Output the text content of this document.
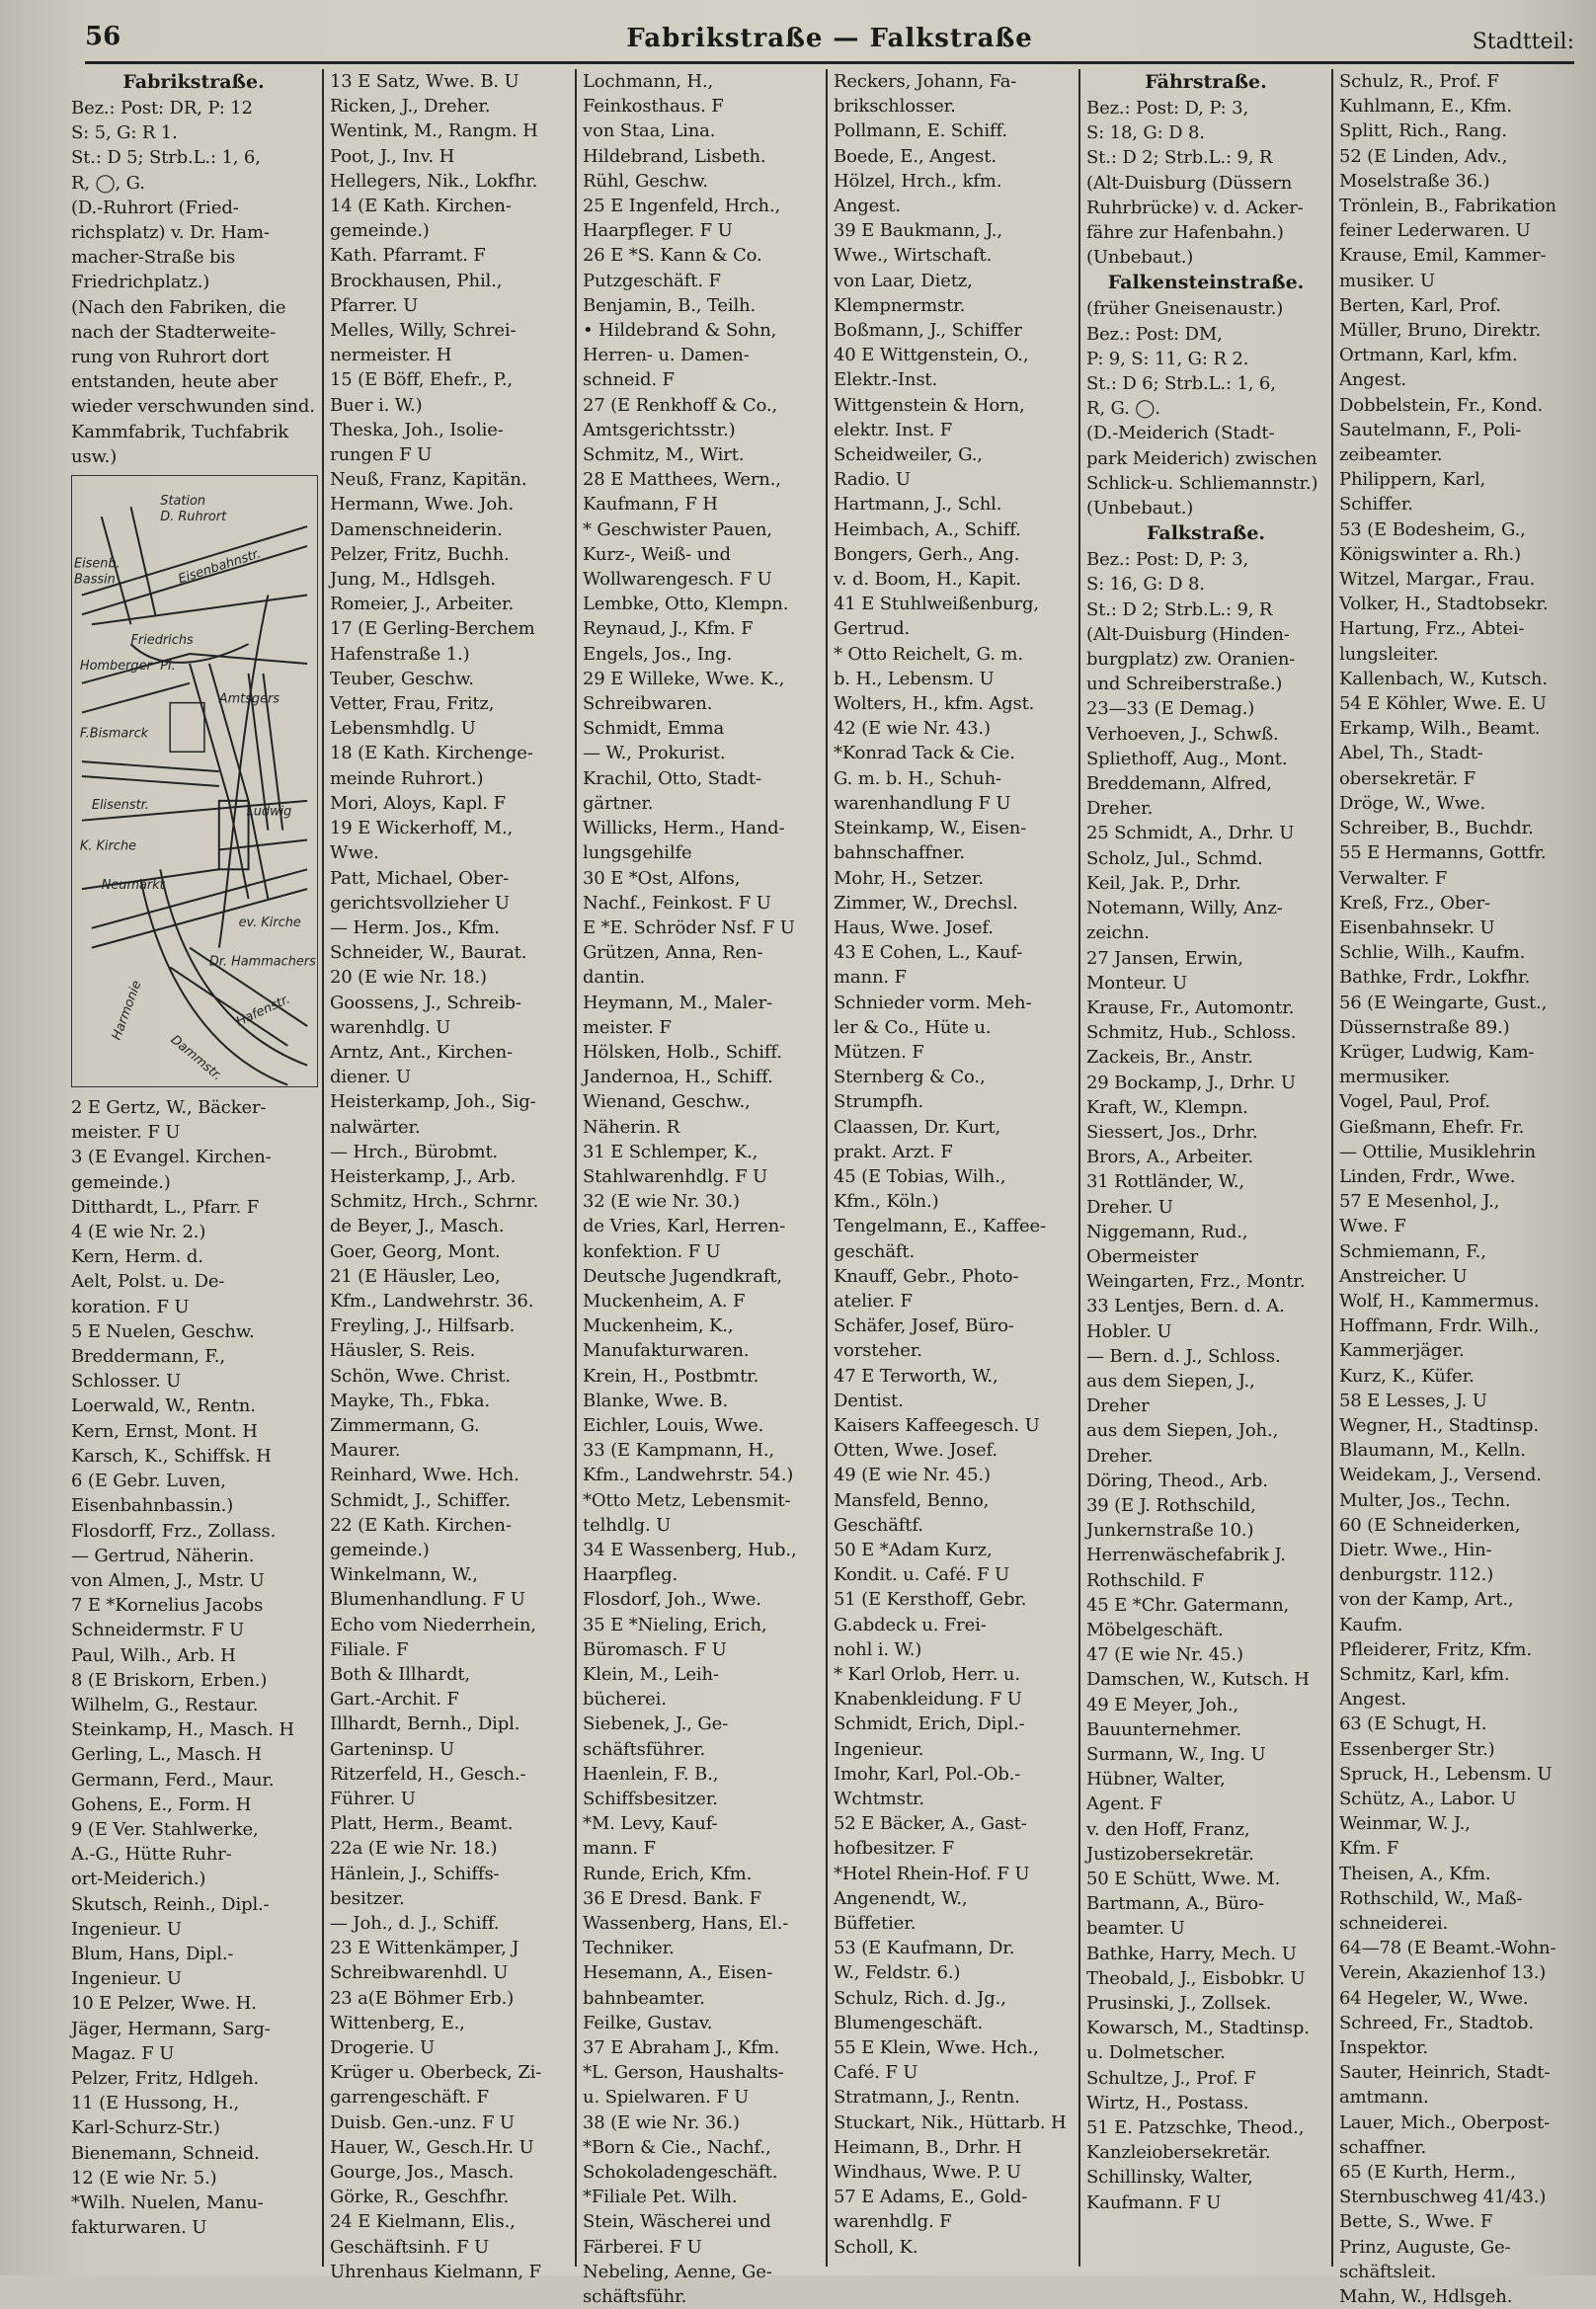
56	Fabrikstraße — Falkstraße	Stadtteil:
Fabrikstraße.
Bez.: Post: DR, P: 12
S: 5, G: R 1.
St.: D 5; Strb.L.: 1, 6,
R, ◯, G.
(D.-Ruhrort (Fried-
richsplatz) v. Dr. Ham-
macher-Straße bis
Friedrichplatz.)
(Nach den Fabriken, die
nach der Stadterweite-
rung von Ruhrort dort
entstanden, heute aber
wieder verschwunden sind.
Kammfabrik, Tuchfabrik
usw.)
Station
D. Ruhrort
Eisenb.
Bassin	Eisenbahnstr.
Friedrichs
Homberger Pl.
Amtsgers
F.Bismarck
Elisenstr.	Ludwig
K. Kirche
Neumarkt
ev. Kirche
Harmonie
Dr. Hammachers
Dammstr.
Hafenstr.
2 E Gertz, W., Bäcker-
meister. F U
3 (E Evangel. Kirchen-
gemeinde.)
Ditthardt, L., Pfarr. F
4 (E wie Nr. 2.)
Kern, Herm. d.
Aelt, Polst. u. De-
koration. F U
5 E Nuelen, Geschw.
Breddermann, F.,
Schlosser. U
Loerwald, W., Rentn.
Kern, Ernst, Mont. H
Karsch, K., Schiffsk. H
6 (E Gebr. Luven,
Eisenbahnbassin.)
Flosdorff, Frz., Zollass.
— Gertrud, Näherin.
von Almen, J., Mstr. U
7 E *Kornelius Jacobs
Schneidermstr. F U
Paul, Wilh., Arb. H
8 (E Briskorn, Erben.)
Wilhelm, G., Restaur.
Steinkamp, H., Masch. H
Gerling, L., Masch. H
Germann, Ferd., Maur.
Gohens, E., Form. H
9 (E Ver. Stahlwerke,
A.-G., Hütte Ruhr-
ort-Meiderich.)
Skutsch, Reinh., Dipl.-
Ingenieur. U
Blum, Hans, Dipl.-
Ingenieur. U
10 E Pelzer, Wwe. H.
Jäger, Hermann, Sarg-
Magaz. F U
Pelzer, Fritz, Hdlgeh.
11 (E Hussong, H.,
Karl-Schurz-Str.)
Bienemann, Schneid.
12 (E wie Nr. 5.)
*Wilh. Nuelen, Manu-
fakturwaren. U
13 E Satz, Wwe. B. U
Ricken, J., Dreher.
Wentink, M., Rangm. H
Poot, J., Inv. H
Hellegers, Nik., Lokfhr.
14 (E Kath. Kirchen-
gemeinde.)
Kath. Pfarramt. F
Brockhausen, Phil.,
Pfarrer. U
Melles, Willy, Schrei-
nermeister. H
15 (E Böff, Ehefr., P.,
Buer i. W.)
Theska, Joh., Isolie-
rungen F U
Neuß, Franz, Kapitän.
Hermann, Wwe. Joh.
Damenschneiderin.
Pelzer, Fritz, Buchh.
Jung, M., Hdlsgeh.
Romeier, J., Arbeiter.
17 (E Gerling-Berchem
Hafenstraße 1.)
Teuber, Geschw.
Vetter, Frau, Fritz,
Lebensmhdlg. U
18 (E Kath. Kirchenge-
meinde Ruhrort.)
Mori, Aloys, Kapl. F
19 E Wickerhoff, M.,
Wwe.
Patt, Michael, Ober-
gerichtsvollzieher U
— Herm. Jos., Kfm.
Schneider, W., Baurat.
20 (E wie Nr. 18.)
Goossens, J., Schreib-
warenhdlg. U
Arntz, Ant., Kirchen-
diener. U
Heisterkamp, Joh., Sig-
nalwärter.
— Hrch., Bürobmt.
Heisterkamp, J., Arb.
Schmitz, Hrch., Schrnr.
de Beyer, J., Masch.
Goer, Georg, Mont.
21 (E Häusler, Leo,
Kfm., Landwehrstr. 36.
Freyling, J., Hilfsarb.
Häusler, S. Reis.
Schön, Wwe. Christ.
Mayke, Th., Fbka.
Zimmermann, G.
Maurer.
Reinhard, Wwe. Hch.
Schmidt, J., Schiffer.
22 (E Kath. Kirchen-
gemeinde.)
Winkelmann, W.,
Blumenhandlung. F U
Echo vom Niederrhein,
Filiale. F
Both & Illhardt,
Gart.-Archit. F
Illhardt, Bernh., Dipl.
Garteninsp. U
Ritzerfeld, H., Gesch.-
Führer. U
Platt, Herm., Beamt.
22a (E wie Nr. 18.)
Hänlein, J., Schiffs-
besitzer.
— Joh., d. J., Schiff.
23 E Wittenkämper, J
Schreibwarenhdl. U
23 a(E Böhmer Erb.)
Wittenberg, E.,
Drogerie. U
Krüger u. Oberbeck, Zi-
garrengeschäft. F
Duisb. Gen.-unz. F U
Hauer, W., Gesch.Hr. U
Gourge, Jos., Masch.
Görke, R., Geschfhr.
24 E Kielmann, Elis.,
Geschäftsinh. F U
Uhrenhaus Kielmann, F
Lochmann, H.,
Feinkosthaus. F
von Staa, Lina.
Hildebrand, Lisbeth.
Rühl, Geschw.
25 E Ingenfeld, Hrch.,
Haarpfleger. F U
26 E *S. Kann & Co.
Putzgeschäft. F
Benjamin, B., Teilh.
• Hildebrand & Sohn,
Herren- u. Damen-
schneid. F
27 (E Renkhoff & Co.,
Amtsgerichtsstr.)
Schmitz, M., Wirt.
28 E Matthees, Wern.,
Kaufmann, F H
* Geschwister Pauen,
Kurz-, Weiß- und
Wollwarengesch. F U
Lembke, Otto, Klempn.
Reynaud, J., Kfm. F
Engels, Jos., Ing.
29 E Willeke, Wwe. K.,
Schreibwaren.
Schmidt, Emma
— W., Prokurist.
Krachil, Otto, Stadt-
gärtner.
Willicks, Herm., Hand-
lungsgehilfe
30 E *Ost, Alfons,
Nachf., Feinkost. F U
E *E. Schröder Nsf. F U
Grützen, Anna, Ren-
dantin.
Heymann, M., Maler-
meister. F
Hölsken, Holb., Schiff.
Jandernoa, H., Schiff.
Wienand, Geschw.,
Näherin. R
31 E Schlemper, K.,
Stahlwarenhdlg. F U
32 (E wie Nr. 30.)
de Vries, Karl, Herren-
konfektion. F U
Deutsche Jugendkraft,
Muckenheim, A. F
Muckenheim, K.,
Manufakturwaren.
Krein, H., Postbmtr.
Blanke, Wwe. B.
Eichler, Louis, Wwe.
33 (E Kampmann, H.,
Kfm., Landwehrstr. 54.)
*Otto Metz, Lebensmit-
telhdlg. U
34 E Wassenberg, Hub.,
Haarpfleg.
Flosdorf, Joh., Wwe.
35 E *Nieling, Erich,
Büromasch. F U
Klein, M., Leih-
bücherei.
Siebenek, J., Ge-
schäftsführer.
Haenlein, F. B.,
Schiffsbesitzer.
*M. Levy, Kauf-
mann. F
Runde, Erich, Kfm.
36 E Dresd. Bank. F
Wassenberg, Hans, El.-
Techniker.
Hesemann, A., Eisen-
bahnbeamter.
Feilke, Gustav.
37 E Abraham J., Kfm.
*L. Gerson, Haushalts-
u. Spielwaren. F U
38 (E wie Nr. 36.)
*Born & Cie., Nachf.,
Schokoladengeschäft.
*Filiale Pet. Wilh.
Stein, Wäscherei und
Färberei. F U
Nebeling, Aenne, Ge-
schäftsführ.
Reckers, Johann, Fa-
brikschlosser.
Pollmann, E. Schiff.
Boede, E., Angest.
Hölzel, Hrch., kfm.
Angest.
39 E Baukmann, J.,
Wwe., Wirtschaft.
von Laar, Dietz,
Klempnermstr.
Boßmann, J., Schiffer
40 E Wittgenstein, O.,
Elektr.-Inst.
Wittgenstein & Horn,
elektr. Inst. F
Scheidweiler, G.,
Radio. U
Hartmann, J., Schl.
Heimbach, A., Schiff.
Bongers, Gerh., Ang.
v. d. Boom, H., Kapit.
41 E Stuhlweißenburg,
Gertrud.
* Otto Reichelt, G. m.
b. H., Lebensm. U
Wolters, H., kfm. Agst.
42 (E wie Nr. 43.)
*Konrad Tack & Cie.
G. m. b. H., Schuh-
warenhandlung F U
Steinkamp, W., Eisen-
bahnschaffner.
Mohr, H., Setzer.
Zimmer, W., Drechsl.
Haus, Wwe. Josef.
43 E Cohen, L., Kauf-
mann. F
Schnieder vorm. Meh-
ler & Co., Hüte u.
Mützen. F
Sternberg & Co.,
Strumpfh.
Claassen, Dr. Kurt,
prakt. Arzt. F
45 (E Tobias, Wilh.,
Kfm., Köln.)
Tengelmann, E., Kaffee-
geschäft.
Knauff, Gebr., Photo-
atelier. F
Schäfer, Josef, Büro-
vorsteher.
47 E Terworth, W.,
Dentist.
Kaisers Kaffeegesch. U
Otten, Wwe. Josef.
49 (E wie Nr. 45.)
Mansfeld, Benno,
Geschäftf.
50 E *Adam Kurz,
Kondit. u. Café. F U
51 (E Kersthoff, Gebr.
G.abdeck u. Frei-
nohl i. W.)
* Karl Orlob, Herr. u.
Knabenkleidung. F U
Schmidt, Erich, Dipl.-
Ingenieur.
Imohr, Karl, Pol.-Ob.-
Wchtmstr.
52 E Bäcker, A., Gast-
hofbesitzer. F
*Hotel Rhein-Hof. F U
Angenendt, W.,
Büffetier.
53 (E Kaufmann, Dr.
W., Feldstr. 6.)
Schulz, Rich. d. Jg.,
Blumengeschäft.
55 E Klein, Wwe. Hch.,
Café. F U
Stratmann, J., Rentn.
Stuckart, Nik., Hüttarb. H
Heimann, B., Drhr. H
Windhaus, Wwe. P. U
57 E Adams, E., Gold-
warenhdlg. F
Scholl, K.
Fährstraße.
Bez.: Post: D, P: 3,
S: 18, G: D 8.
St.: D 2; Strb.L.: 9, R
(Alt-Duisburg (Düssern
Ruhrbrücke) v. d. Acker-
fähre zur Hafenbahn.)
(Unbebaut.)
Falkensteinstraße.
(früher Gneisenaustr.)
Bez.: Post: DM,
P: 9, S: 11, G: R 2.
St.: D 6; Strb.L.: 1, 6,
R, G. ◯.
(D.-Meiderich (Stadt-
park Meiderich) zwischen
Schlick-u. Schliemannstr.)
(Unbebaut.)
Falkstraße.
Bez.: Post: D, P: 3,
S: 16, G: D 8.
St.: D 2; Strb.L.: 9, R
(Alt-Duisburg (Hinden-
burgplatz) zw. Oranien-
und Schreiberstraße.)
23—33 (E Demag.)
Verhoeven, J., Schwß.
Spliethoff, Aug., Mont.
Breddemann, Alfred,
Dreher.
25 Schmidt, A., Drhr. U
Scholz, Jul., Schmd.
Keil, Jak. P., Drhr.
Notemann, Willy, Anz-
zeichn.
27 Jansen, Erwin,
Monteur. U
Krause, Fr., Automontr.
Schmitz, Hub., Schloss.
Zackeis, Br., Anstr.
29 Bockamp, J., Drhr. U
Kraft, W., Klempn.
Siessert, Jos., Drhr.
Brors, A., Arbeiter.
31 Rottländer, W.,
Dreher. U
Niggemann, Rud.,
Obermeister
Weingarten, Frz., Montr.
33 Lentjes, Bern. d. A.
Hobler. U
— Bern. d. J., Schloss.
aus dem Siepen, J.,
Dreher
aus dem Siepen, Joh.,
Dreher.
Döring, Theod., Arb.
39 (E J. Rothschild,
Junkernstraße 10.)
Herrenwäschefabrik J.
Rothschild. F
45 E *Chr. Gatermann,
Möbelgeschäft.
47 (E wie Nr. 45.)
Damschen, W., Kutsch. H
49 E Meyer, Joh.,
Bauunternehmer.
Surmann, W., Ing. U
Hübner, Walter,
Agent. F
v. den Hoff, Franz,
Justizobersekretär.
50 E Schütt, Wwe. M.
Bartmann, A., Büro-
beamter. U
Bathke, Harry, Mech. U
Theobald, J., Eisbobkr. U
Prusinski, J., Zollsek.
Kowarsch, M., Stadtinsp.
u. Dolmetscher.
Schultze, J., Prof. F
Wirtz, H., Postass.
51 E. Patzschke, Theod.,
Kanzleiobersekretär.
Schillinsky, Walter,
Kaufmann. F U
Schulz, R., Prof. F
Kuhlmann, E., Kfm.
Splitt, Rich., Rang.
52 (E Linden, Adv.,
Moselstraße 36.)
Trönlein, B., Fabrikation
feiner Lederwaren. U
Krause, Emil, Kammer-
musiker. U
Berten, Karl, Prof.
Müller, Bruno, Direktr.
Ortmann, Karl, kfm.
Angest.
Dobbelstein, Fr., Kond.
Sautelmann, F., Poli-
zeibeamter.
Philippern, Karl,
Schiffer.
53 (E Bodesheim, G.,
Königswinter a. Rh.)
Witzel, Margar., Frau.
Volker, H., Stadtobsekr.
Hartung, Frz., Abtei-
lungsleiter.
Kallenbach, W., Kutsch.
54 E Köhler, Wwe. E. U
Erkamp, Wilh., Beamt.
Abel, Th., Stadt-
obersekretär. F
Dröge, W., Wwe.
Schreiber, B., Buchdr.
55 E Hermanns, Gottfr.
Verwalter. F
Kreß, Frz., Ober-
Eisenbahnsekr. U
Schlie, Wilh., Kaufm.
Bathke, Frdr., Lokfhr.
56 (E Weingarte, Gust.,
Düssernstraße 89.)
Krüger, Ludwig, Kam-
mermusiker.
Vogel, Paul, Prof.
Gießmann, Ehefr. Fr.
— Ottilie, Musiklehrin
Linden, Frdr., Wwe.
57 E Mesenhol, J.,
Wwe. F
Schmiemann, F.,
Anstreicher. U
Wolf, H., Kammermus.
Hoffmann, Frdr. Wilh.,
Kammerjäger.
Kurz, K., Küfer.
58 E Lesses, J. U
Wegner, H., Stadtinsp.
Blaumann, M., Kelln.
Weidekam, J., Versend.
Multer, Jos., Techn.
60 (E Schneiderken,
Dietr. Wwe., Hin-
denburgstr. 112.)
von der Kamp, Art.,
Kaufm.
Pfleiderer, Fritz, Kfm.
Schmitz, Karl, kfm.
Angest.
63 (E Schugt, H.
Essenberger Str.)
Spruck, H., Lebensm. U
Schütz, A., Labor. U
Weinmar, W. J.,
Kfm. F
Theisen, A., Kfm.
Rothschild, W., Maß-
schneiderei.
64—78 (E Beamt.-Wohn-
Verein, Akazienhof 13.)
64 Hegeler, W., Wwe.
Schreed, Fr., Stadtob.
Inspektor.
Sauter, Heinrich, Stadt-
amtmann.
Lauer, Mich., Oberpost-
schaffner.
65 (E Kurth, Herm.,
Sternbuschweg 41/43.)
Bette, S., Wwe. F
Prinz, Auguste, Ge-
schäftsleit.
Mahn, W., Hdlsgeh.
